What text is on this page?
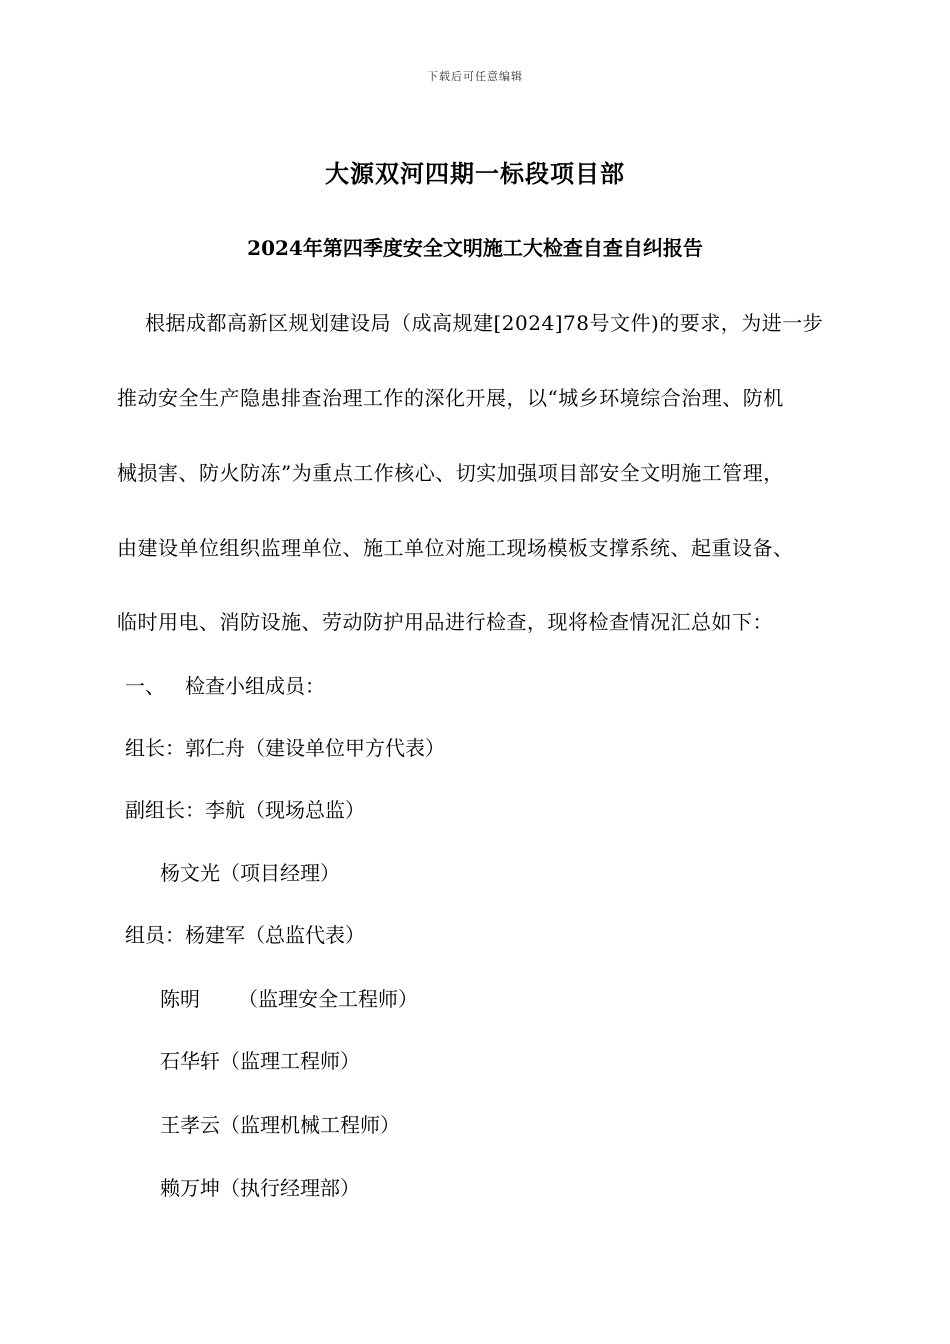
下载后可任意编辑
大源双河四期一标段项目部
2024年第四季度安全文明施工大检查自查自纠报告
根据成都高新区规划建设局（成高规建[2024]78号文件)的要求，为进一步
推动安全生产隐患排查治理工作的深化开展，以“城乡环境综合治理、防机
械损害、防火防冻”为重点工作核心、切实加强项目部安全文明施工管理，
由建设单位组织监理单位、施工单位对施工现场模板支撑系统、起重设备、
临时用电、消防设施、劳动防护用品进行检查，现将检查情况汇总如下：
一、 检查小组成员：
组长：郭仁舟（建设单位甲方代表）
副组长：李航（现场总监）
杨文光（项目经理）
组员：杨建军（总监代表）
陈明 （监理安全工程师）
石华轩（监理工程师）
王孝云（监理机械工程师）
赖万坤（执行经理部）
